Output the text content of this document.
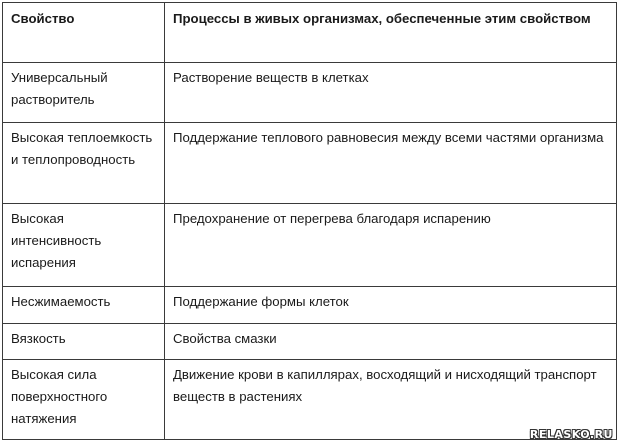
Свойство	Процессы в живых организмах, обеспеченные этим свойством
Универсальный растворитель	Растворение веществ в клетках
Высокая теплоемкость и теплопроводность	Поддержание теплового равновесия между всеми частями организма
Высокая интенсивность испарения	Предохранение от перегрева благодаря испарению
Несжимаемость	Поддержание формы клеток
Вязкость	Свойства смазки
Высокая сила поверхностного натяжения	Движение крови в капиллярах, восходящий и нисходящий транспорт веществ в растениях
RELASKO.RU
